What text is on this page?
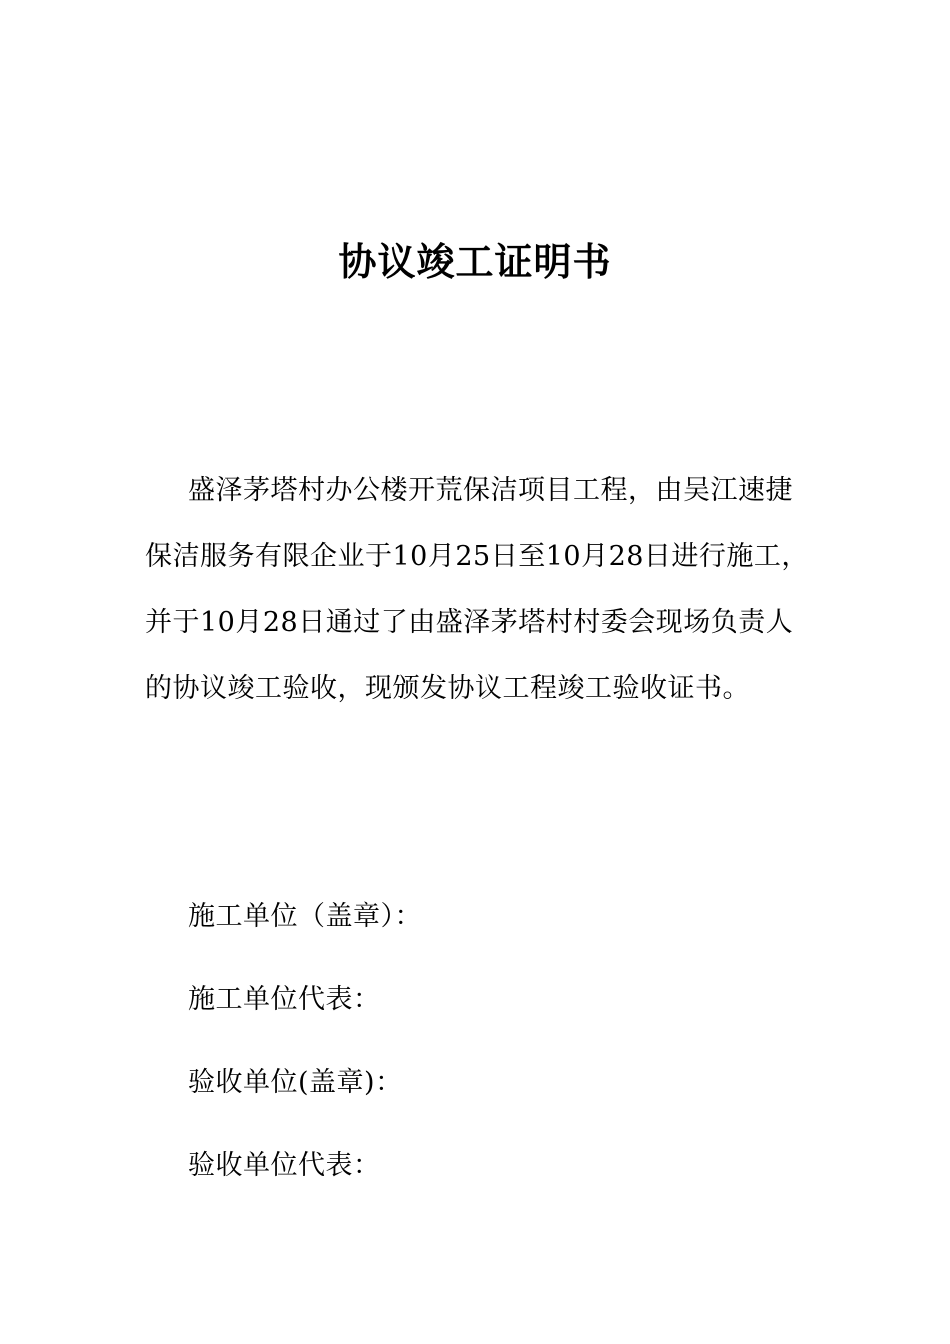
协议竣工证明书

盛泽茅塔村办公楼开荒保洁项目工程，由吴江速捷保洁服务有限企业于10月25日至10月28日进行施工，并于10月28日通过了由盛泽茅塔村村委会现场负责人的协议竣工验收，现颁发协议工程竣工验收证书。

施工单位（盖章）：
施工单位代表：
验收单位(盖章)：
验收单位代表：
